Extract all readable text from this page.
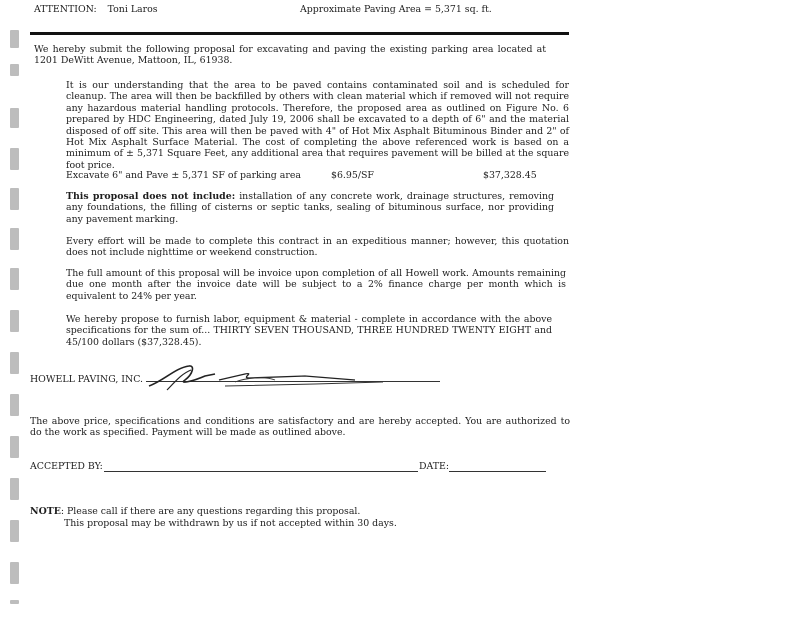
ATTENTION: Toni Laros	Approximate Paving Area = 5,371 sq. ft.
We hereby submit the following proposal for excavating and paving the existing parking area located at 1201 DeWitt Avenue, Mattoon, IL, 61938.
It is our understanding that the area to be paved contains contaminated soil and is scheduled for cleanup. The area will then be backfilled by others with clean material which if removed will not require any hazardous material handling protocols. Therefore, the proposed area as outlined on Figure No. 6 prepared by HDC Engineering, dated July 19, 2006 shall be excavated to a depth of 6" and the material disposed of off site. This area will then be paved with 4" of Hot Mix Asphalt Bituminous Binder and 2" of Hot Mix Asphalt Surface Material. The cost of completing the above referenced work is based on a minimum of ± 5,371 Square Feet, any additional area that requires pavement will be billed at the square foot price.
Excavate 6" and Pave ± 5,371 SF of parking area	$6.95/SF	$37,328.45
This proposal does not include: installation of any concrete work, drainage structures, removing any foundations, the filling of cisterns or septic tanks, sealing of bituminous surface, nor providing any pavement marking.
Every effort will be made to complete this contract in an expeditious manner; however, this quotation does not include nighttime or weekend construction.
The full amount of this proposal will be invoice upon completion of all Howell work. Amounts remaining due one month after the invoice date will be subject to a 2% finance charge per month which is equivalent to 24% per year.
We hereby propose to furnish labor, equipment & material - complete in accordance with the above specifications for the sum of... THIRTY SEVEN THOUSAND, THREE HUNDRED TWENTY EIGHT and 45/100 dollars ($37,328.45).
HOWELL PAVING, INC.
The above price, specifications and conditions are satisfactory and are hereby accepted. You are authorized to do the work as specified. Payment will be made as outlined above.
ACCEPTED BY:	DATE:
NOTE: Please call if there are any questions regarding this proposal.
This proposal may be withdrawn by us if not accepted within 30 days.
